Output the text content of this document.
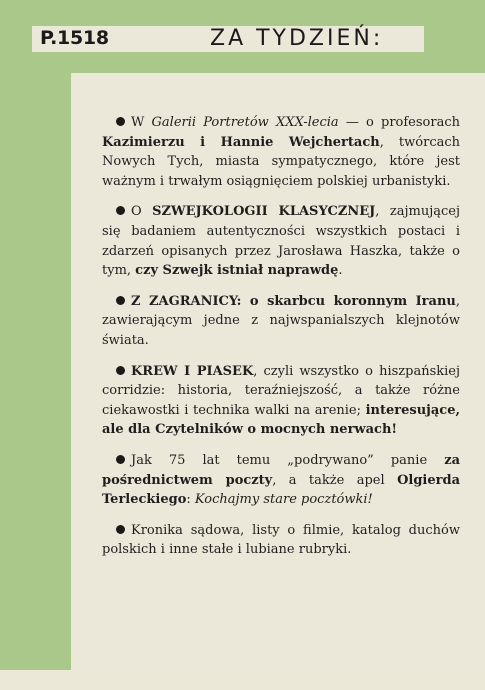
P.1518	ZA TYDZIEŃ:

W Galerii Portretów XXX-lecia — o profesorach Kazimierzu i Hannie Wejchertach, twórcach Nowych Tych, miasta sympatycznego, które jest ważnym i trwałym osiągnięciem polskiej urbanistyki.

O SZWEJKOLOGII KLASYCZNEJ, zajmującej się badaniem autentyczności wszystkich postaci i zdarzeń opisanych przez Jarosława Haszka, także o tym, czy Szwejk istniał naprawdę.

Z ZAGRANICY: o skarbcu koronnym Iranu, zawierającym jedne z najwspanialszych klejnotów świata.

KREW I PIASEK, czyli wszystko o hiszpańskiej corridzie: historia, teraźniejszość, a także różne ciekawostki i technika walki na arenie; interesujące, ale dla Czytelników o mocnych nerwach!

Jak 75 lat temu „podrywano” panie za pośrednictwem poczty, a także apel Olgierda Terleckiego: Kochajmy stare pocztówki!

Kronika sądowa, listy o filmie, katalog duchów polskich i inne stałe i lubiane rubryki.
